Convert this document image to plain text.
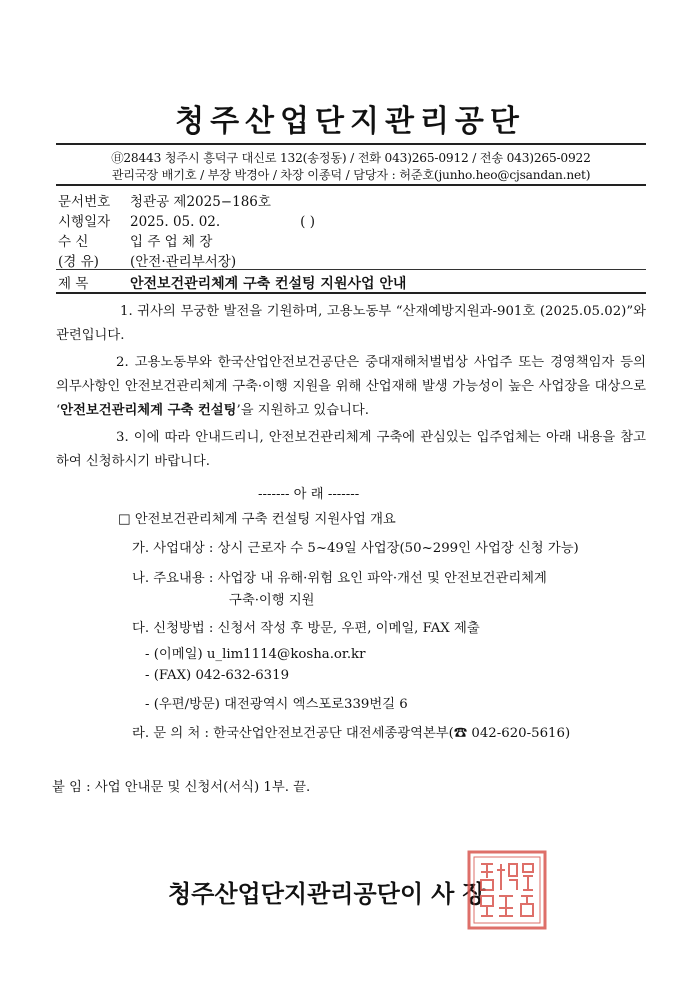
청주산업단지관리공단
㊐28443 청주시 흥덕구 대신로 132(송정동) / 전화 043)265-0912 / 전송 043)265-0922
관리국장 배기호 / 부장 박경아 / 차장 이종덕 / 담당자 : 허준호(junho.heo@cjsandan.net)
문서번호 청관공 제2025−186호
시행일자 2025. 05. 02.	( )
수 신	입 주 업 체 장
(경 유) (안전·관리부서장)
제 목	안전보건관리체계 구축 컨설팅 지원사업 안내
1. 귀사의 무궁한 발전을 기원하며, 고용노동부 “산재예방지원과-901호 (2025.05.02)”와 관련입니다.
2. 고용노동부와 한국산업안전보건공단은 중대재해처벌법상 사업주 또는 경영책임자 등의 의무사항인 안전보건관리체계 구축·이행 지원을 위해 산업재해 발생 가능성이 높은 사업장을 대상으로 ‘안전보건관리체계 구축 컨설팅’을 지원하고 있습니다.
3. 이에 따라 안내드리니, 안전보건관리체계 구축에 관심있는 입주업체는 아래 내용을 참고하여 신청하시기 바랍니다.
------- 아 래 -------
□ 안전보건관리체계 구축 컨설팅 지원사업 개요
가. 사업대상 : 상시 근로자 수 5~49일 사업장(50~299인 사업장 신청 가능)
나. 주요내용 : 사업장 내 유해·위험 요인 파악·개선 및 안전보건관리체계
구축·이행 지원
다. 신청방법 : 신청서 작성 후 방문, 우편, 이메일, FAX 제출
- (이메일) u_lim1114@kosha.or.kr
- (FAX) 042-632-6319
- (우편/방문) 대전광역시 엑스포로339번길 6
라. 문 의 처 : 한국산업안전보건공단 대전세종광역본부(☎ 042-620-5616)
붙 임 : 사업 안내문 및 신청서(서식) 1부. 끝.
청주산업단지관리공단 이사장
